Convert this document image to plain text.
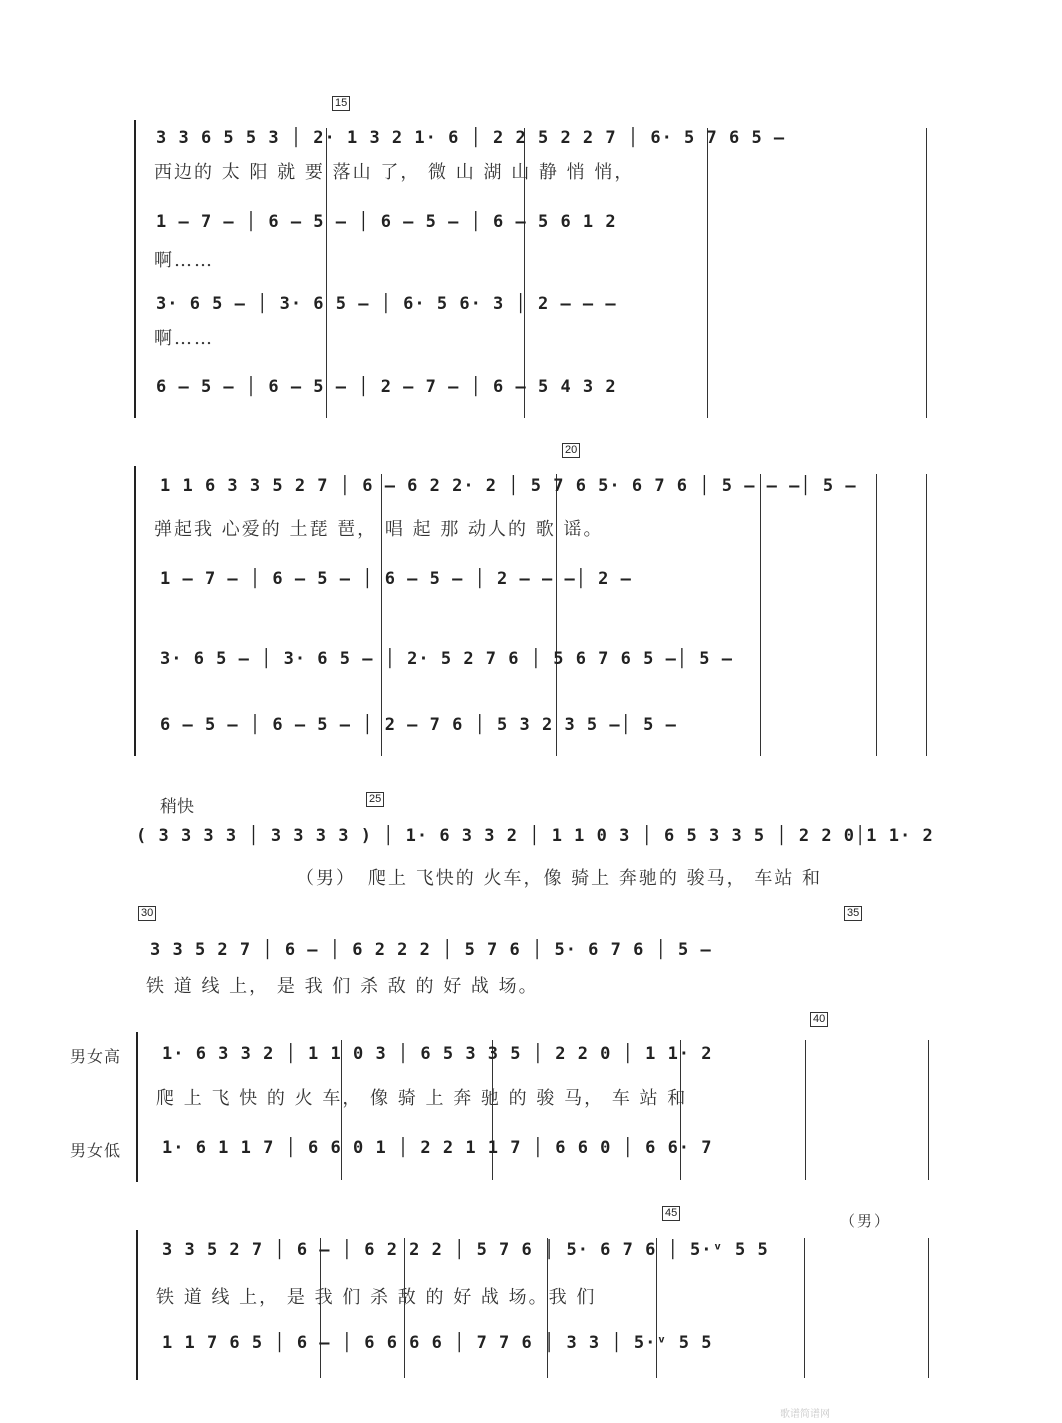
15
3 3 6 5 5 3 │ 2· 1 3 2 1· 6 │ 2 2 5 2 2 7 │ 6· 5 7 6 5 –
西边的 太 阳 就 要 落山 了， 微 山 湖 山 静 悄 悄，
1 – 7 – │ 6 – 5 – │ 6 – 5 – │ 6 – 5 6 1 2
啊……
3· 6 5 – │ 3· 6 5 – │ 6· 5 6· 3 │ 2 – – –
啊……
6 – 5 – │ 6 – 5 – │ 2 – 7 – │ 6 – 5 4 3 2
20
1 1 6 3 3 5 2 7 │ 6 – 6 2 2· 2 │ 5 7 6 5· 6 7 6 │ 5 – – –│ 5 –
弹起我 心爱的 土琵 琶， 唱 起 那 动人的 歌 谣。
1 – 7 – │ 6 – 5 – │ 6 – 5 – │ 2 – – –│ 2 –
3· 6 5 – │ 3· 6 5 – │ 2· 5 2 7 6 │ 5 6 7 6 5 –│ 5 –
6 – 5 – │ 6 – 5 – │ 2 – 7 6 │ 5 3 2 3 5 –│ 5 –
稍快	25
( 3 3 3 3 │ 3 3 3 3 ) │ 1· 6 3 3 2 │ 1 1 0 3 │ 6 5 3 3 5 │ 2 2 0│1 1· 2
（男） 爬上 飞快的 火车，像 骑上 奔驰的 骏马， 车站 和
30	35
3 3 5 2 7 │ 6 – │ 6 2 2 2 │ 5 7 6 │ 5· 6 7 6 │ 5 –
铁 道 线 上， 是 我 们 杀 敌 的 好 战 场。
男女高
男女低
40
1· 6 3 3 2 │ 1 1 0 3 │ 6 5 3 3 5 │ 2 2 0 │ 1 1· 2
爬 上 飞 快 的 火 车， 像 骑 上 奔 驰 的 骏 马， 车 站 和
1· 6 1 1 7 │ 6 6 0 1 │ 2 2 1 1 7 │ 6 6 0 │ 6 6· 7
45	（男）
3 3 5 2 7 │ 6 – │ 6 2 2 2 │ 5 7 6 │ 5· 6 7 6 │ 5·ᵛ 5 5
铁 道 线 上， 是 我 们 杀 敌 的 好 战 场。我 们
1 1 7 6 5 │ 6 – │ 6 6 6 6 │ 7 7 6 │ 3 3 │ 5·ᵛ 5 5
歌谱简谱网
